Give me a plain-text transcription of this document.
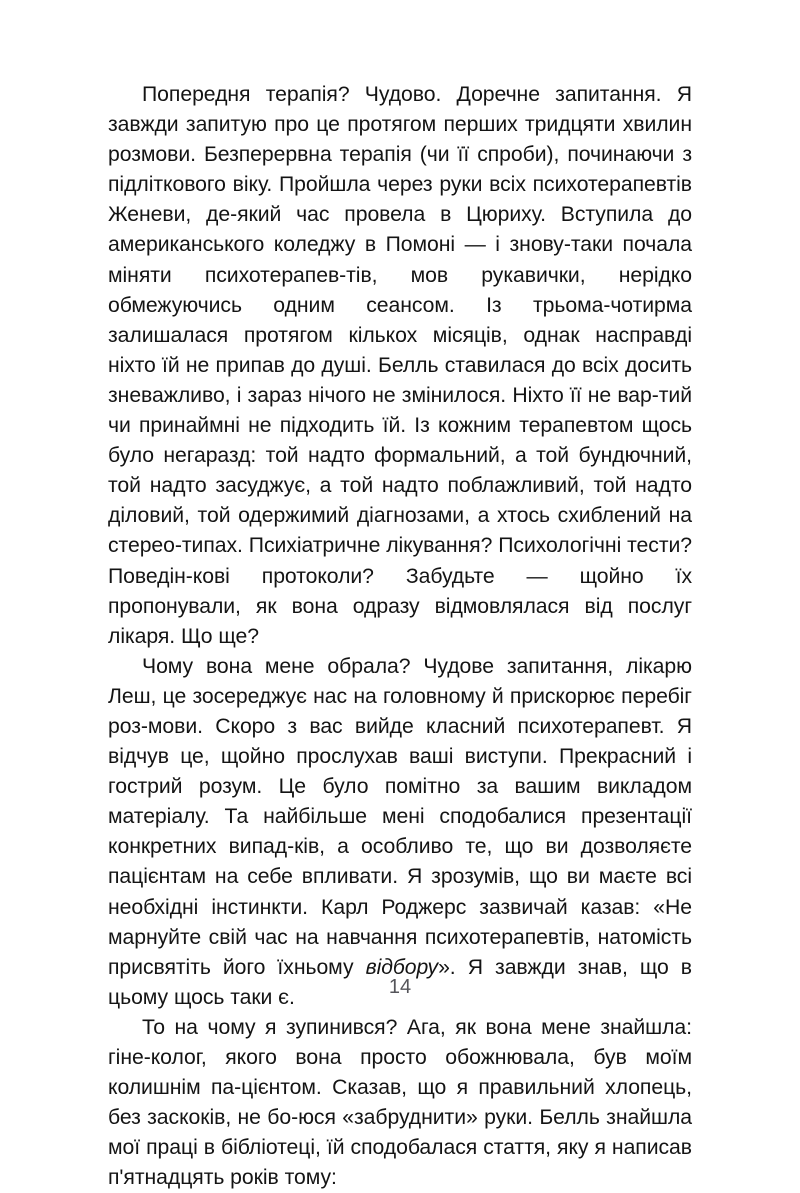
Попередня терапія? Чудово. Доречне запитання. Я завжди запитую про це протягом перших тридцяти хвилин розмови. Безперервна терапія (чи її спроби), починаючи з підліткового віку. Пройшла через руки всіх психотерапевтів Женеви, де-який час провела в Цюриху. Вступила до американського коледжу в Помоні — і знову-таки почала міняти психотерапев-тів, мов рукавички, нерідко обмежуючись одним сеансом. Із трьома-чотирма залишалася протягом кількох місяців, однак насправді ніхто їй не припав до душі. Белль ставилася до всіх досить зневажливо, і зараз нічого не змінилося. Ніхто її не вар-тий чи принаймні не підходить їй. Із кожним терапевтом щось було негаразд: той надто формальний, а той бундючний, той надто засуджує, а той надто поблажливий, той надто діловий, той одержимий діагнозами, а хтось схиблений на стерео-типах. Психіатричне лікування? Психологічні тести? Поведін-кові протоколи? Забудьте — щойно їх пропонували, як вона одразу відмовлялася від послуг лікаря. Що ще?

Чому вона мене обрала? Чудове запитання, лікарю Леш, це зосереджує нас на головному й прискорює перебіг роз-мови. Скоро з вас вийде класний психотерапевт. Я відчув це, щойно прослухав ваші виступи. Прекрасний і гострий розум. Це було помітно за вашим викладом матеріалу. Та найбільше мені сподобалися презентації конкретних випад-ків, а особливо те, що ви дозволяєте пацієнтам на себе впливати. Я зрозумів, що ви маєте всі необхідні інстинкти. Карл Роджерс зазвичай казав: «Не марнуйте свій час на навчання психотерапевтів, натомість присвятіть його їхньому відбору». Я завжди знав, що в цьому щось таки є.

То на чому я зупинився? Ага, як вона мене знайшла: гіне-колог, якого вона просто обожнювала, був моїм колишнім па-цієнтом. Сказав, що я правильний хлопець, без заскоків, не бо-юся «забруднити» руки. Белль знайшла мої праці в бібліотеці, їй сподобалася стаття, яку я написав п'ятнадцять років тому:

14
